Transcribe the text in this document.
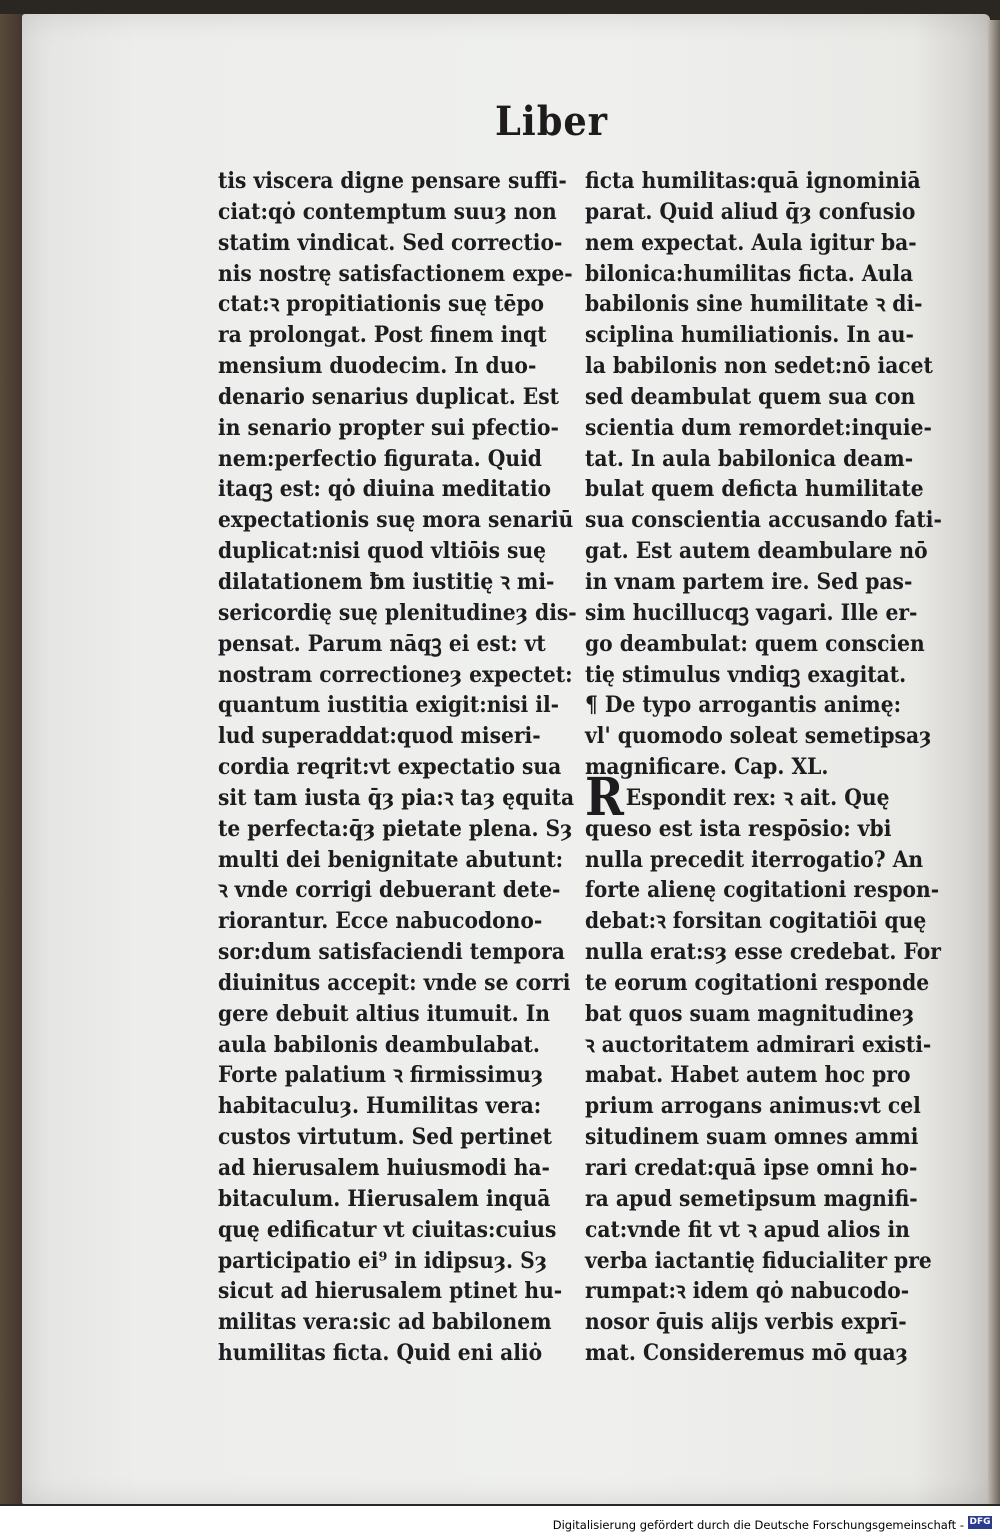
Liber
tis viscera digne pensare suffi-
ciat:qȯ contemptum suuȝ non
statim vindicat. Sed correctio-
nis nostrę satisfactionem expe-
ctat:ꝛ propitiationis suę tēpo
ra prolongat. Post finem inqt
mensium duodecim. In duo-
denario senarius duplicat. Est
in senario propter sui pfectio-
nem:perfectio figurata. Quid
itaqꝫ est: qȯ diuina meditatio
expectationis suę mora senariū
duplicat:nisi quod vltiōis suę
dilatationem ƀm iustitię ꝛ mi-
sericordię suę plenitudineȝ dis-
pensat. Parum nāqꝫ ei est: vt
nostram correctioneȝ expectet:
quantum iustitia exigit:nisi il-
lud superaddat:quod miseri-
cordia reqrit:vt expectatio sua
sit tam iusta q̄ȝ pia:ꝛ taȝ ęquita
te perfecta:q̄ȝ pietate plena. Sȝ
multi dei benignitate abutunt:
ꝛ vnde corrigi debuerant dete-
riorantur. Ecce nabucodono-
sor:dum satisfaciendi tempora
diuinitus accepit: vnde se corri
gere debuit altius itumuit. In
aula babilonis deambulabat.
Forte palatium ꝛ firmissimuȝ
habitaculuȝ. Humilitas vera:
custos virtutum. Sed pertinet
ad hierusalem huiusmodi ha-
bitaculum. Hierusalem inquā
quę edificatur vt ciuitas:cuius
participatio ei⁹ in idipsuȝ. Sȝ
sicut ad hierusalem ptinet hu-
militas vera:sic ad babilonem
humilitas ficta. Quid eni aliȯ
ficta humilitas:quā ignominiā
parat. Quid aliud q̄ȝ confusio
nem expectat. Aula igitur ba-
bilonica:humilitas ficta. Aula
babilonis sine humilitate ꝛ di-
sciplina humiliationis. In au-
la babilonis non sedet:nō iacet
sed deambulat quem sua con
scientia dum remordet:inquie-
tat. In aula babilonica deam-
bulat quem deficta humilitate
sua conscientia accusando fati-
gat. Est autem deambulare nō
in vnam partem ire. Sed pas-
sim hucillucqꝫ vagari. Ille er-
go deambulat: quem conscien
tię stimulus vndiqꝫ exagitat.
¶ De typo arrogantis animę:
vl' quomodo soleat semetipsaȝ
magnificare. Cap. XL.
REspondit rex: ꝛ ait. Quę
queso est ista respōsio: vbi
nulla precedit iterrogatio? An
forte alienę cogitationi respon-
debat:ꝛ forsitan cogitatiōi quę
nulla erat:sȝ esse credebat. For
te eorum cogitationi responde
bat quos suam magnitudineȝ
ꝛ auctoritatem admirari existi-
mabat. Habet autem hoc pro
prium arrogans animus:vt cel
situdinem suam omnes ammi
rari credat:quā ipse omni ho-
ra apud semetipsum magnifi-
cat:vnde fit vt ꝛ apud alios in
verba iactantię fiducialiter pre
rumpat:ꝛ idem qȯ nabucodo-
nosor q̄uis alijs verbis exprī-
mat. Consideremus mō quaȝ
Digitalisierung gefördert durch die Deutsche Forschungsgemeinschaft - DFG
